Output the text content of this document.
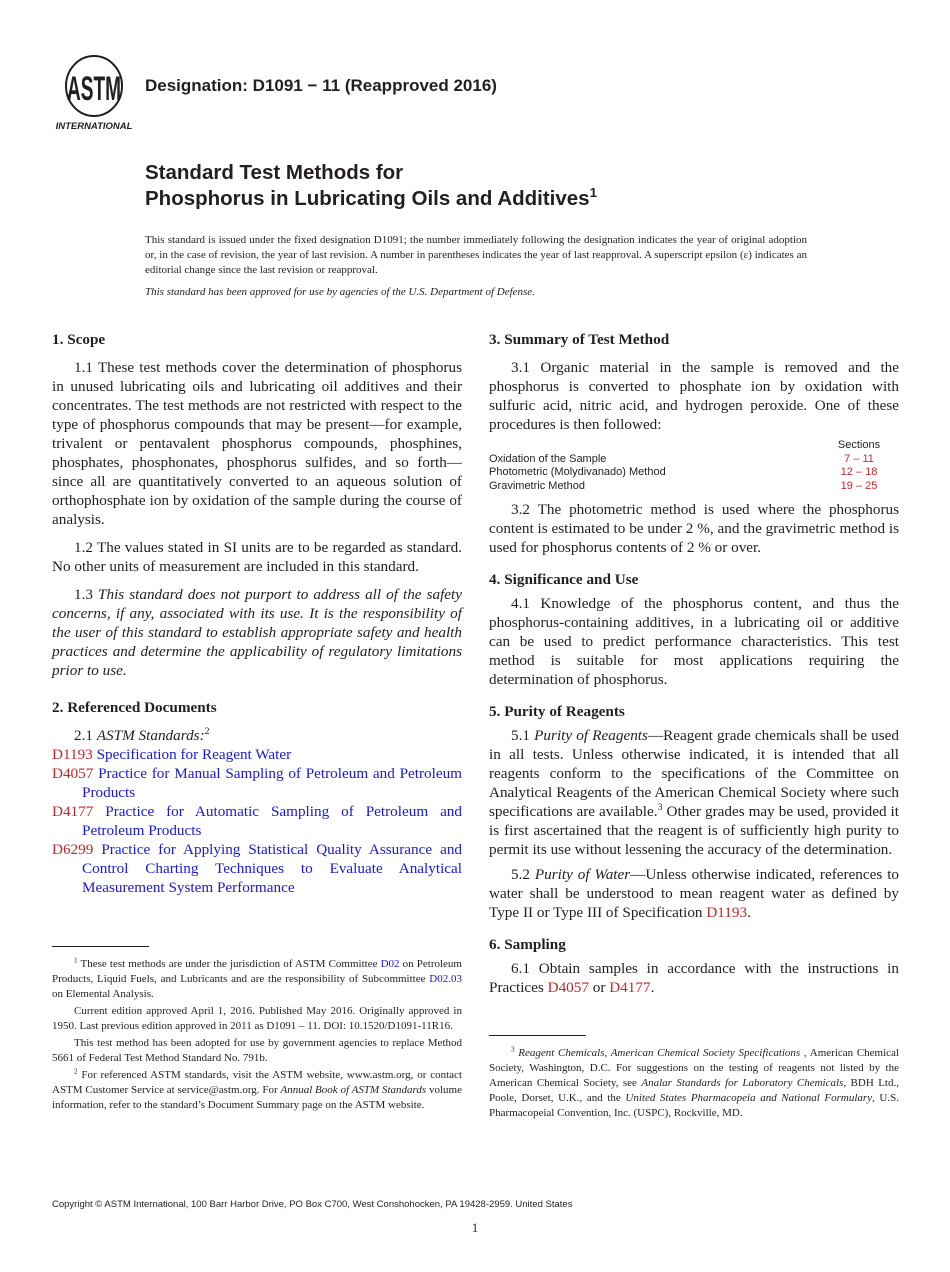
ASTM
INTERNATIONAL
Designation: D1091 − 11 (Reapproved 2016)
Standard Test Methods for
Phosphorus in Lubricating Oils and Additives$^1$

This standard is issued under the fixed designation D1091; the number immediately following the designation indicates the year of original adoption or, in the case of revision, the year of last revision. A number in parentheses indicates the year of last reapproval. A superscript epsilon (ε) indicates an editorial change since the last revision or reapproval.

This standard has been approved for use by agencies of the U.S. Department of Defense.

1. Scope

1.1 These test methods cover the determination of phosphorus in unused lubricating oils and lubricating oil additives and their concentrates. The test methods are not restricted with respect to the type of phosphorus compounds that may be present—for example, trivalent or pentavalent phosphorus compounds, phosphines, phosphates, phosphonates, phosphorus sulfides, and so forth—since all are quantitatively converted to an aqueous solution of orthophosphate ion by oxidation of the sample during the course of analysis.

1.2 The values stated in SI units are to be regarded as standard. No other units of measurement are included in this standard.

1.3 This standard does not purport to address all of the safety concerns, if any, associated with its use. It is the responsibility of the user of this standard to establish appropriate safety and health practices and determine the applicability of regulatory limitations prior to use.

2. Referenced Documents

2.1 ASTM Standards:$^2$

D1193 Specification for Reagent Water
D4057 Practice for Manual Sampling of Petroleum and Petroleum Products
D4177 Practice for Automatic Sampling of Petroleum and Petroleum Products
D6299 Practice for Applying Statistical Quality Assurance and Control Charting Techniques to Evaluate Analytical Measurement System Performance

$^1$ These test methods are under the jurisdiction of ASTM Committee D02 on Petroleum Products, Liquid Fuels, and Lubricants and are the responsibility of Subcommittee D02.03 on Elemental Analysis.

Current edition approved April 1, 2016. Published May 2016. Originally approved in 1950. Last previous edition approved in 2011 as D1091 – 11. DOI: 10.1520/D1091-11R16.

This test method has been adopted for use by government agencies to replace Method 5661 of Federal Test Method Standard No. 791b.

$^2$ For referenced ASTM standards, visit the ASTM website, www.astm.org, or contact ASTM Customer Service at service@astm.org. For Annual Book of ASTM Standards volume information, refer to the standard’s Document Summary page on the ASTM website.

3. Summary of Test Method

3.1 Organic material in the sample is removed and the phosphorus is converted to phosphate ion by oxidation with sulfuric acid, nitric acid, and hydrogen peroxide. One of these procedures is then followed:

Sections
Oxidation of the Sample	7 – 11
Photometric (Molydivanado) Method	12 – 18
Gravimetric Method	19 – 25

3.2 The photometric method is used where the phosphorus content is estimated to be under 2 %, and the gravimetric method is used for phosphorus contents of 2 % or over.

4. Significance and Use

4.1 Knowledge of the phosphorus content, and thus the phosphorus-containing additives, in a lubricating oil or additive can be used to predict performance characteristics. This test method is suitable for most applications requiring the determination of phosphorus.

5. Purity of Reagents

5.1 Purity of Reagents—Reagent grade chemicals shall be used in all tests. Unless otherwise indicated, it is intended that all reagents conform to the specifications of the Committee on Analytical Reagents of the American Chemical Society where such specifications are available.$^3$ Other grades may be used, provided it is first ascertained that the reagent is of sufficiently high purity to permit its use without lessening the accuracy of the determination.

5.2 Purity of Water—Unless otherwise indicated, references to water shall be understood to mean reagent water as defined by Type II or Type III of Specification D1193.

6. Sampling

6.1 Obtain samples in accordance with the instructions in Practices D4057 or D4177.

$^3$ Reagent Chemicals, American Chemical Society Specifications , American Chemical Society, Washington, D.C. For suggestions on the testing of reagents not listed by the American Chemical Society, see Analar Standards for Laboratory Chemicals, BDH Ltd., Poole, Dorset, U.K., and the United States Pharmacopeia and National Formulary, U.S. Pharmacopeial Convention, Inc. (USPC), Rockville, MD.

Copyright © ASTM International, 100 Barr Harbor Drive, PO Box C700, West Conshohocken, PA 19428-2959. United States
1
